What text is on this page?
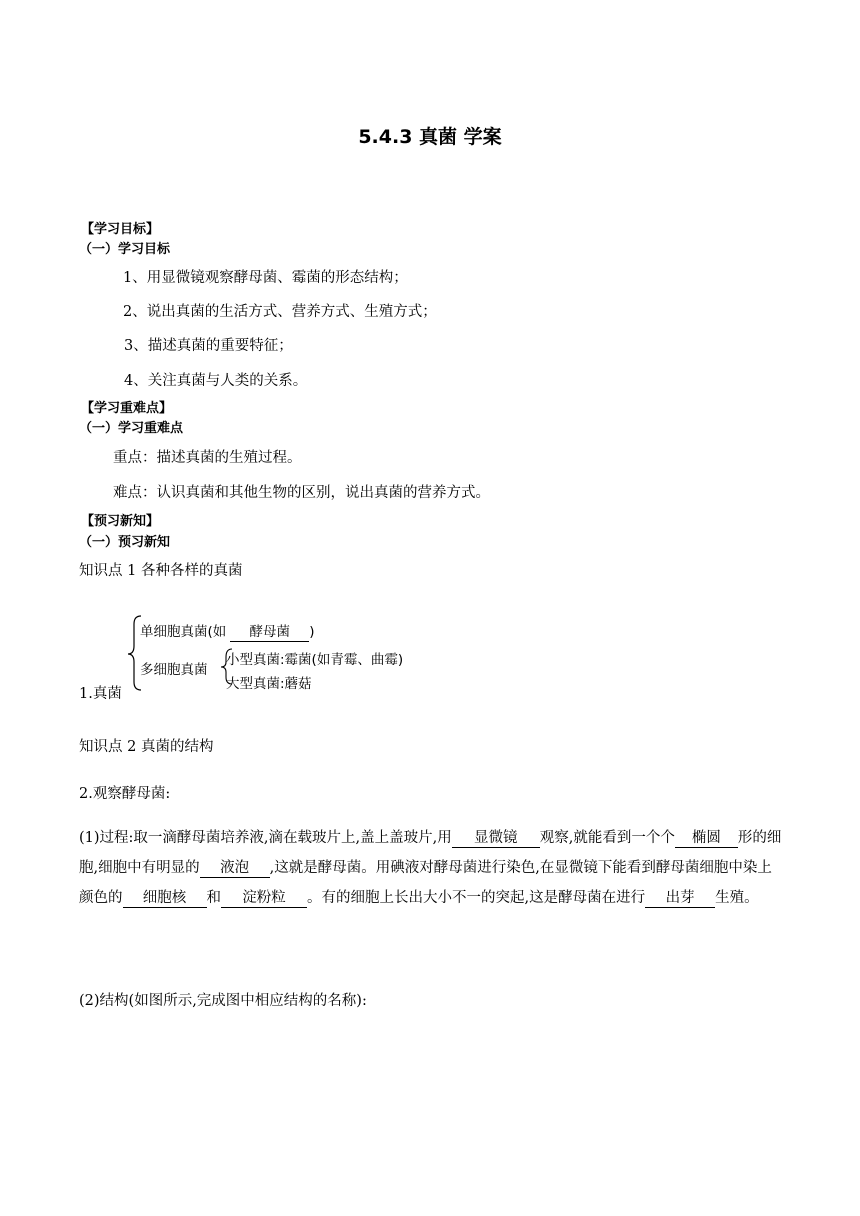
5.4.3 真菌 学案
【学习目标】
（一）学习目标
1、用显微镜观察酵母菌、霉菌的形态结构；
2、说出真菌的生活方式、营养方式、生殖方式；
3、描述真菌的重要特征；
4、关注真菌与人类的关系。
【学习重难点】
（一）学习重难点
重点：描述真菌的生殖过程。
难点：认识真菌和其他生物的区别，说出真菌的营养方式。
【预习新知】
（一）预习新知
知识点 1 各种各样的真菌
单细胞真菌(如 酵母菌 )
多细胞真菌
小型真菌:霉菌(如青霉、曲霉)
大型真菌:蘑菇
1.真菌
知识点 2 真菌的结构
2.观察酵母菌:
(1)过程:取一滴酵母菌培养液,滴在载玻片上,盖上盖玻片,用 显微镜 观察,就能看到一个个 椭圆 形的细胞,细胞中有明显的 液泡 ,这就是酵母菌。用碘液对酵母菌进行染色,在显微镜下能看到酵母菌细胞中染上颜色的 细胞核 和 淀粉粒 。有的细胞上长出大小不一的突起,这是酵母菌在进行 出芽 生殖。
(2)结构(如图所示,完成图中相应结构的名称):
